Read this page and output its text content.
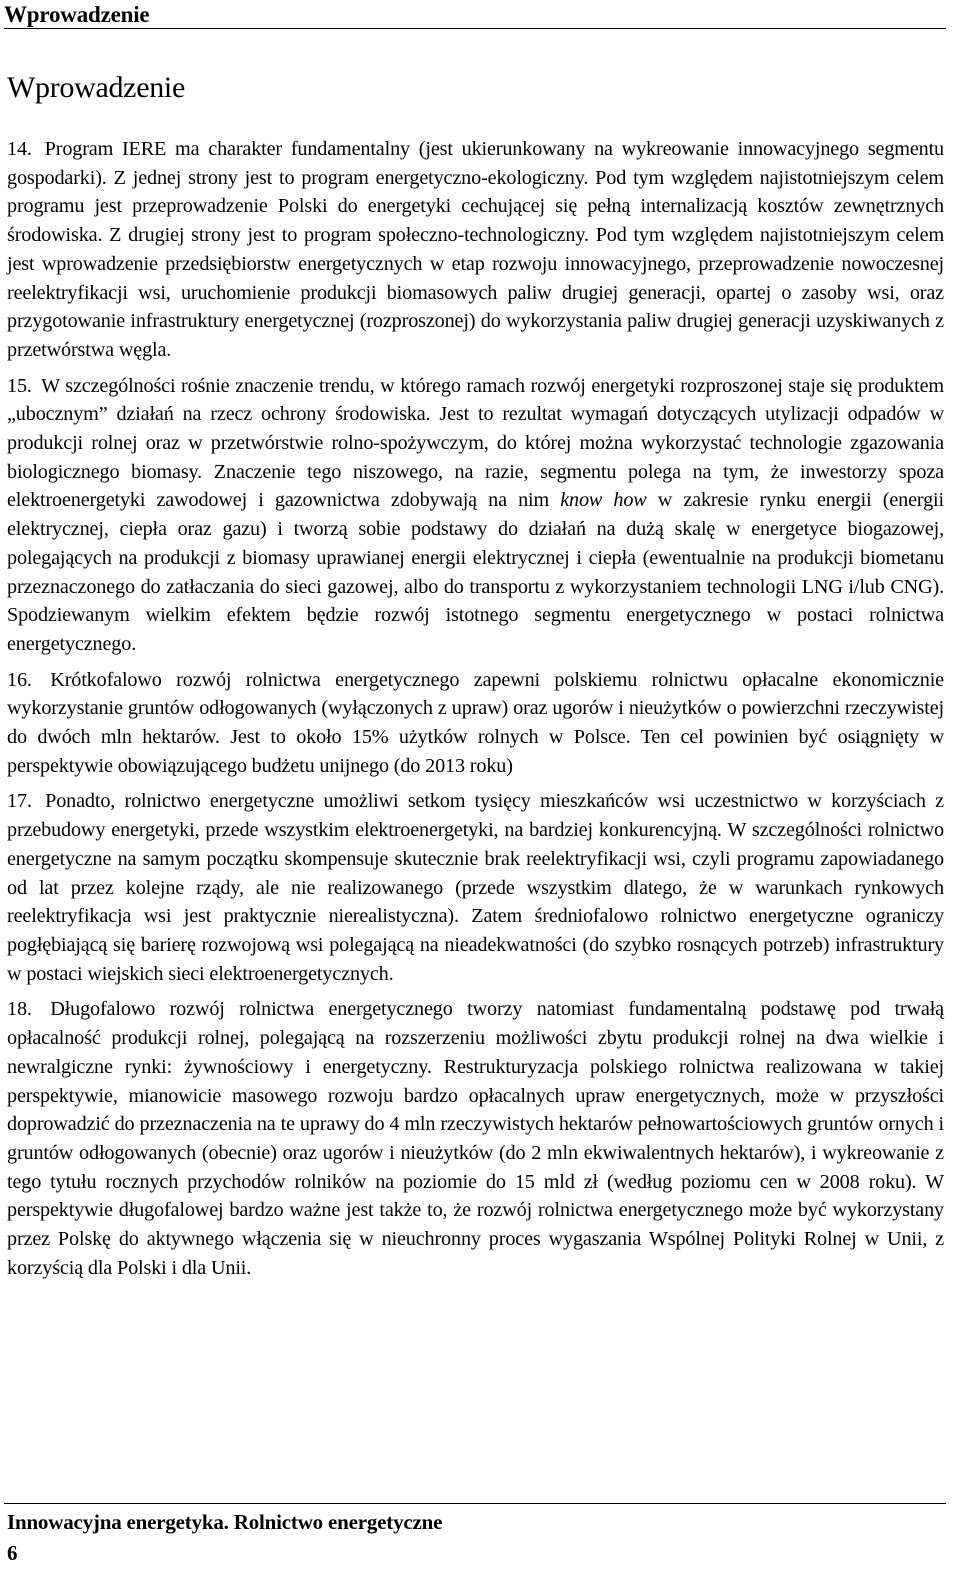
Wprowadzenie
Wprowadzenie

14. Program IERE ma charakter fundamentalny (jest ukierunkowany na wykreowanie innowacyjnego segmentu gospodarki). Z jednej strony jest to program energetyczno-ekologiczny. Pod tym względem najistotniejszym celem programu jest przeprowadzenie Polski do energetyki cechującej się pełną internalizacją kosztów zewnętrznych środowiska. Z drugiej strony jest to program społeczno-technologiczny. Pod tym względem najistotniejszym celem jest wprowadzenie przedsiębiorstw energetycznych w etap rozwoju innowacyjnego, przeprowadzenie nowoczesnej reelektryfikacji wsi, uruchomienie produkcji biomasowych paliw drugiej generacji, opartej o zasoby wsi, oraz przygotowanie infrastruktury energetycznej (rozproszonej) do wykorzystania paliw drugiej generacji uzyskiwanych z przetwórstwa węgla.

15. W szczególności rośnie znaczenie trendu, w którego ramach rozwój energetyki rozproszonej staje się produktem „ubocznym” działań na rzecz ochrony środowiska. Jest to rezultat wymagań dotyczących utylizacji odpadów w produkcji rolnej oraz w przetwórstwie rolno-spożywczym, do której można wykorzystać technologie zgazowania biologicznego biomasy. Znaczenie tego niszowego, na razie, segmentu polega na tym, że inwestorzy spoza elektroenergetyki zawodowej i gazownictwa zdobywają na nim know how w zakresie rynku energii (energii elektrycznej, ciepła oraz gazu) i tworzą sobie podstawy do działań na dużą skalę w energetyce biogazowej, polegających na produkcji z biomasy uprawianej energii elektrycznej i ciepła (ewentualnie na produkcji biometanu przeznaczonego do zatłaczania do sieci gazowej, albo do transportu z wykorzystaniem technologii LNG i/lub CNG). Spodziewanym wielkim efektem będzie rozwój istotnego segmentu energetycznego w postaci rolnictwa energetycznego.

16. Krótkofalowo rozwój rolnictwa energetycznego zapewni polskiemu rolnictwu opłacalne ekonomicznie wykorzystanie gruntów odłogowanych (wyłączonych z upraw) oraz ugorów i nieużytków o powierzchni rzeczywistej do dwóch mln hektarów. Jest to około 15% użytków rolnych w Polsce. Ten cel powinien być osiągnięty w perspektywie obowiązującego budżetu unijnego (do 2013 roku)

17. Ponadto, rolnictwo energetyczne umożliwi setkom tysięcy mieszkańców wsi uczestnictwo w korzyściach z przebudowy energetyki, przede wszystkim elektroenergetyki, na bardziej konkurencyjną. W szczególności rolnictwo energetyczne na samym początku skompensuje skutecznie brak reelektryfikacji wsi, czyli programu zapowiadanego od lat przez kolejne rządy, ale nie realizowanego (przede wszystkim dlatego, że w warunkach rynkowych reelektryfikacja wsi jest praktycznie nierealistyczna). Zatem średniofalowo rolnictwo energetyczne ograniczy pogłębiającą się barierę rozwojową wsi polegającą na nieadekwatności (do szybko rosnących potrzeb) infrastruktury w postaci wiejskich sieci elektroenergetycznych.

18. Długofalowo rozwój rolnictwa energetycznego tworzy natomiast fundamentalną podstawę pod trwałą opłacalność produkcji rolnej, polegającą na rozszerzeniu możliwości zbytu produkcji rolnej na dwa wielkie i newralgiczne rynki: żywnościowy i energetyczny. Restrukturyzacja polskiego rolnictwa realizowana w takiej perspektywie, mianowicie masowego rozwoju bardzo opłacalnych upraw energetycznych, może w przyszłości doprowadzić do przeznaczenia na te uprawy do 4 mln rzeczywistych hektarów pełnowartościowych gruntów ornych i gruntów odłogowanych (obecnie) oraz ugorów i nieużytków (do 2 mln ekwiwalentnych hektarów), i wykreowanie z tego tytułu rocznych przychodów rolników na poziomie do 15 mld zł (według poziomu cen w 2008 roku). W perspektywie długofalowej bardzo ważne jest także to, że rozwój rolnictwa energetycznego może być wykorzystany przez Polskę do aktywnego włączenia się w nieuchronny proces wygaszania Wspólnej Polityki Rolnej w Unii, z korzyścią dla Polski i dla Unii.

Innowacyjna energetyka. Rolnictwo energetyczne
6
